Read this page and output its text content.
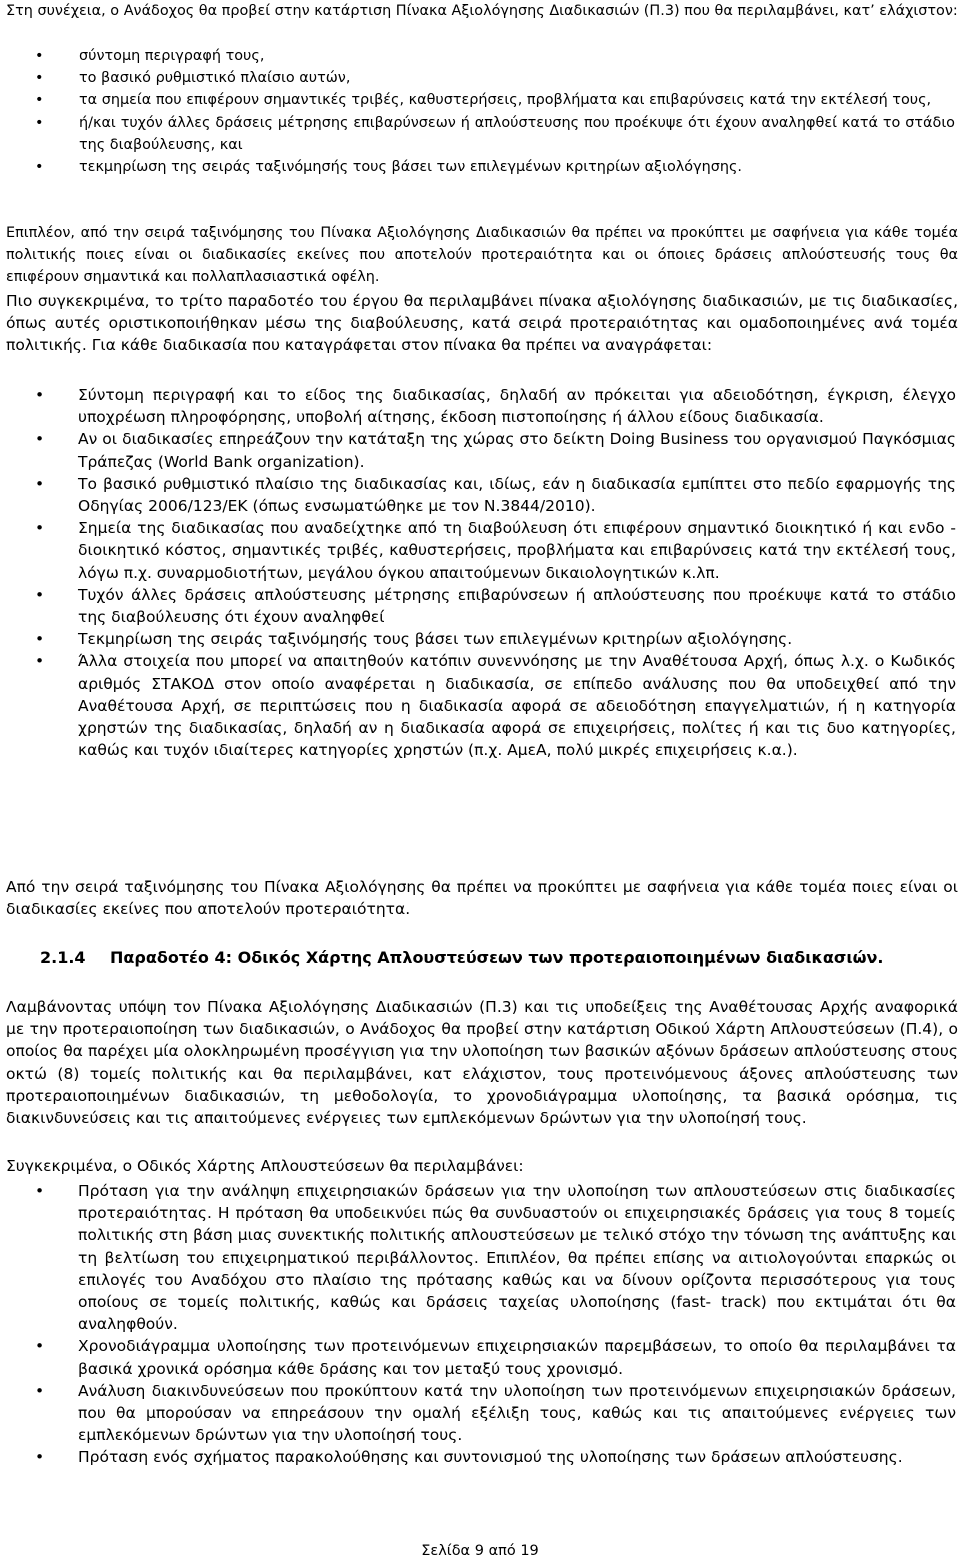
Στη συνέχεια, ο Ανάδοχος θα προβεί στην κατάρτιση Πίνακα Αξιολόγησης Διαδικασιών (Π.3) που θα περιλαμβάνει, κατ’ ελάχιστον:
• σύντομη περιγραφή τους,
• το βασικό ρυθμιστικό πλαίσιο αυτών,
• τα σημεία που επιφέρουν σημαντικές τριβές, καθυστερήσεις, προβλήματα και επιβαρύνσεις κατά την εκτέλεσή τους,
• ή/και τυχόν άλλες δράσεις μέτρησης επιβαρύνσεων ή απλούστευσης που προέκυψε ότι έχουν αναληφθεί κατά το στάδιο της διαβούλευσης, και
• τεκμηρίωση της σειράς ταξινόμησής τους βάσει των επιλεγμένων κριτηρίων αξιολόγησης.
Επιπλέον, από την σειρά ταξινόμησης του Πίνακα Αξιολόγησης Διαδικασιών θα πρέπει να προκύπτει με σαφήνεια για κάθε τομέα πολιτικής ποιες είναι οι διαδικασίες εκείνες που αποτελούν προτεραιότητα και οι όποιες δράσεις απλούστευσής τους θα επιφέρουν σημαντικά και πολλαπλασιαστικά οφέλη.
Πιο συγκεκριμένα, το τρίτο παραδοτέο του έργου θα περιλαμβάνει πίνακα αξιολόγησης διαδικασιών, με τις διαδικασίες, όπως αυτές οριστικοποιήθηκαν μέσω της διαβούλευσης, κατά σειρά προτεραιότητας και ομαδοποιημένες ανά τομέα πολιτικής. Για κάθε διαδικασία που καταγράφεται στον πίνακα θα πρέπει να αναγράφεται:
• Σύντομη περιγραφή και το είδος της διαδικασίας, δηλαδή αν πρόκειται για αδειοδότηση, έγκριση, έλεγχο υποχρέωση πληροφόρησης, υποβολή αίτησης, έκδοση πιστοποίησης ή άλλου είδους διαδικασία.
• Αν οι διαδικασίες επηρεάζουν την κατάταξη της χώρας στο δείκτη Doing Business του οργανισμού Παγκόσμιας Τράπεζας (World Bank organization).
• Το βασικό ρυθμιστικό πλαίσιο της διαδικασίας και, ιδίως, εάν η διαδικασία εμπίπτει στο πεδίο εφαρμογής της Οδηγίας 2006/123/ΕΚ (όπως ενσωματώθηκε με τον Ν.3844/2010).
• Σημεία της διαδικασίας που αναδείχτηκε από τη διαβούλευση ότι επιφέρουν σημαντικό διοικητικό ή και ενδο - διοικητικό κόστος, σημαντικές τριβές, καθυστερήσεις, προβλήματα και επιβαρύνσεις κατά την εκτέλεσή τους, λόγω π.χ. συναρμοδιοτήτων, μεγάλου όγκου απαιτούμενων δικαιολογητικών κ.λπ.
• Τυχόν άλλες δράσεις απλούστευσης μέτρησης επιβαρύνσεων ή απλούστευσης που προέκυψε κατά το στάδιο της διαβούλευσης ότι έχουν αναληφθεί
• Τεκμηρίωση της σειράς ταξινόμησής τους βάσει των επιλεγμένων κριτηρίων αξιολόγησης.
• Άλλα στοιχεία που μπορεί να απαιτηθούν κατόπιν συνεννόησης με την Αναθέτουσα Αρχή, όπως λ.χ. ο Κωδικός αριθμός ΣΤΑΚΟΔ στον οποίο αναφέρεται η διαδικασία, σε επίπεδο ανάλυσης που θα υποδειχθεί από την Αναθέτουσα Αρχή, σε περιπτώσεις που η διαδικασία αφορά σε αδειοδότηση επαγγελματιών, ή η κατηγορία χρηστών της διαδικασίας, δηλαδή αν η διαδικασία αφορά σε επιχειρήσεις, πολίτες ή και τις δυο κατηγορίες, καθώς και τυχόν ιδιαίτερες κατηγορίες χρηστών (π.χ. ΑμεΑ, πολύ μικρές επιχειρήσεις κ.α.).
Από την σειρά ταξινόμησης του Πίνακα Αξιολόγησης θα πρέπει να προκύπτει με σαφήνεια για κάθε τομέα ποιες είναι οι διαδικασίες εκείνες που αποτελούν προτεραιότητα.
2.1.4 Παραδοτέο 4: Οδικός Χάρτης Απλουστεύσεων των προτεραιοποιημένων διαδικασιών.
Λαμβάνοντας υπόψη τον Πίνακα Αξιολόγησης Διαδικασιών (Π.3) και τις υποδείξεις της Αναθέτουσας Αρχής αναφορικά με την προτεραιοποίηση των διαδικασιών, ο Ανάδοχος θα προβεί στην κατάρτιση Οδικού Χάρτη Απλουστεύσεων (Π.4), ο οποίος θα παρέχει μία ολοκληρωμένη προσέγγιση για την υλοποίηση των βασικών αξόνων δράσεων απλούστευσης στους οκτώ (8) τομείς πολιτικής και θα περιλαμβάνει, κατ ελάχιστον, τους προτεινόμενους άξονες απλούστευσης των προτεραιοποιημένων διαδικασιών, τη μεθοδολογία, το χρονοδιάγραμμα υλοποίησης, τα βασικά ορόσημα, τις διακινδυνεύσεις και τις απαιτούμενες ενέργειες των εμπλεκόμενων δρώντων για την υλοποίησή τους.
Συγκεκριμένα, ο Οδικός Χάρτης Απλουστεύσεων θα περιλαμβάνει:
• Πρόταση για την ανάληψη επιχειρησιακών δράσεων για την υλοποίηση των απλουστεύσεων στις διαδικασίες προτεραιότητας. Η πρόταση θα υποδεικνύει πώς θα συνδυαστούν οι επιχειρησιακές δράσεις για τους 8 τομείς πολιτικής στη βάση μιας συνεκτικής πολιτικής απλουστεύσεων με τελικό στόχο την τόνωση της ανάπτυξης και τη βελτίωση του επιχειρηματικού περιβάλλοντος. Επιπλέον, θα πρέπει επίσης να αιτιολογούνται επαρκώς οι επιλογές του Αναδόχου στο πλαίσιο της πρότασης καθώς και να δίνουν ορίζοντα περισσότερους για τους οποίους σε τομείς πολιτικής, καθώς και δράσεις ταχείας υλοποίησης (fast- track) που εκτιμάται ότι θα αναληφθούν.
• Χρονοδιάγραμμα υλοποίησης των προτεινόμενων επιχειρησιακών παρεμβάσεων, το οποίο θα περιλαμβάνει τα βασικά χρονικά ορόσημα κάθε δράσης και τον μεταξύ τους χρονισμό.
• Ανάλυση διακινδυνεύσεων που προκύπτουν κατά την υλοποίηση των προτεινόμενων επιχειρησιακών δράσεων, που θα μπορούσαν να επηρεάσουν την ομαλή εξέλιξη τους, καθώς και τις απαιτούμενες ενέργειες των εμπλεκόμενων δρώντων για την υλοποίησή τους.
• Πρόταση ενός σχήματος παρακολούθησης και συντονισμού της υλοποίησης των δράσεων απλούστευσης.
Σελίδα 9 από 19
